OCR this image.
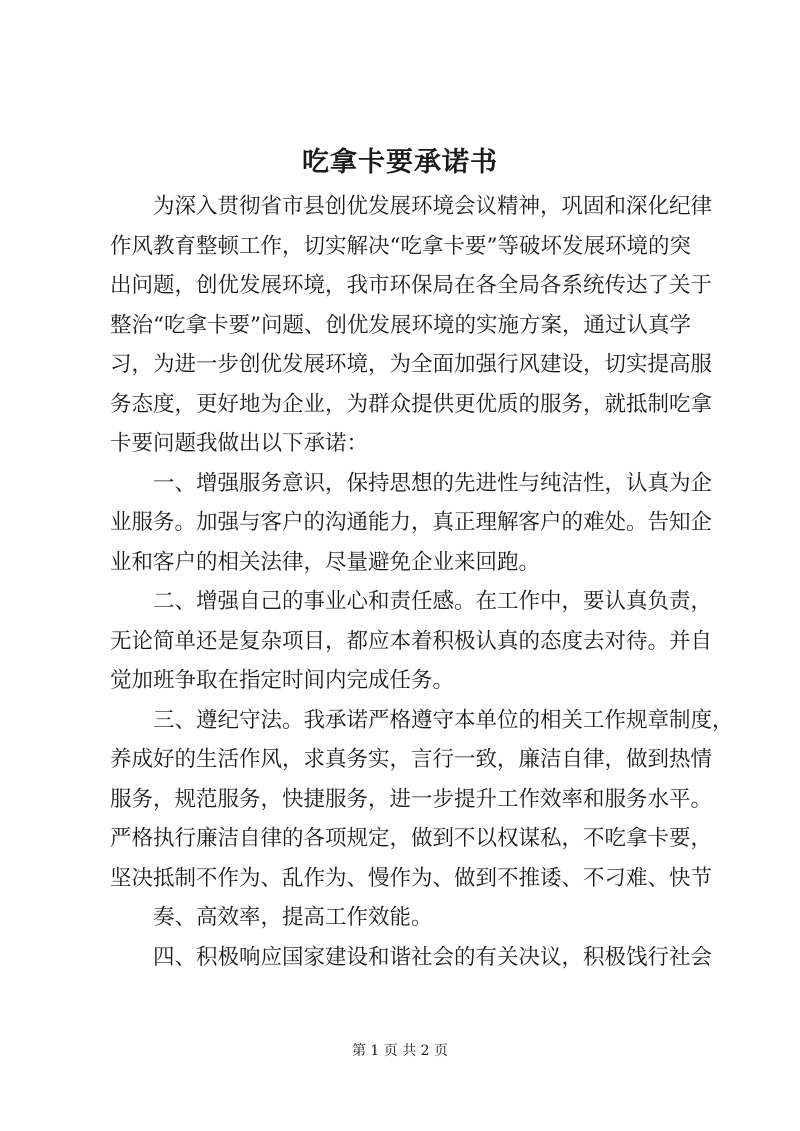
吃拿卡要承诺书
　　为深入贯彻省市县创优发展环境会议精神，巩固和深化纪律
作风教育整顿工作，切实解决“吃拿卡要”等破坏发展环境的突
出问题，创优发展环境，我市环保局在各全局各系统传达了关于
整治“吃拿卡要”问题、创优发展环境的实施方案，通过认真学
习，为进一步创优发展环境，为全面加强行风建设，切实提高服
务态度，更好地为企业，为群众提供更优质的服务，就抵制吃拿
卡要问题我做出以下承诺：
　　一、增强服务意识，保持思想的先进性与纯洁性，认真为企
业服务。加强与客户的沟通能力，真正理解客户的难处。告知企
业和客户的相关法律，尽量避免企业来回跑。
　　二、增强自己的事业心和责任感。在工作中，要认真负责，
无论简单还是复杂项目，都应本着积极认真的态度去对待。并自
觉加班争取在指定时间内完成任务。
　　三、遵纪守法。我承诺严格遵守本单位的相关工作规章制度，
养成好的生活作风，求真务实，言行一致，廉洁自律，做到热情
服务，规范服务，快捷服务，进一步提升工作效率和服务水平。
严格执行廉洁自律的各项规定，做到不以权谋私，不吃拿卡要，
坚决抵制不作为、乱作为、慢作为、做到不推诿、不刁难、快节
　　奏、高效率，提高工作效能。
　　四、积极响应国家建设和谐社会的有关决议，积极饯行社会
第 1 页 共 2 页
